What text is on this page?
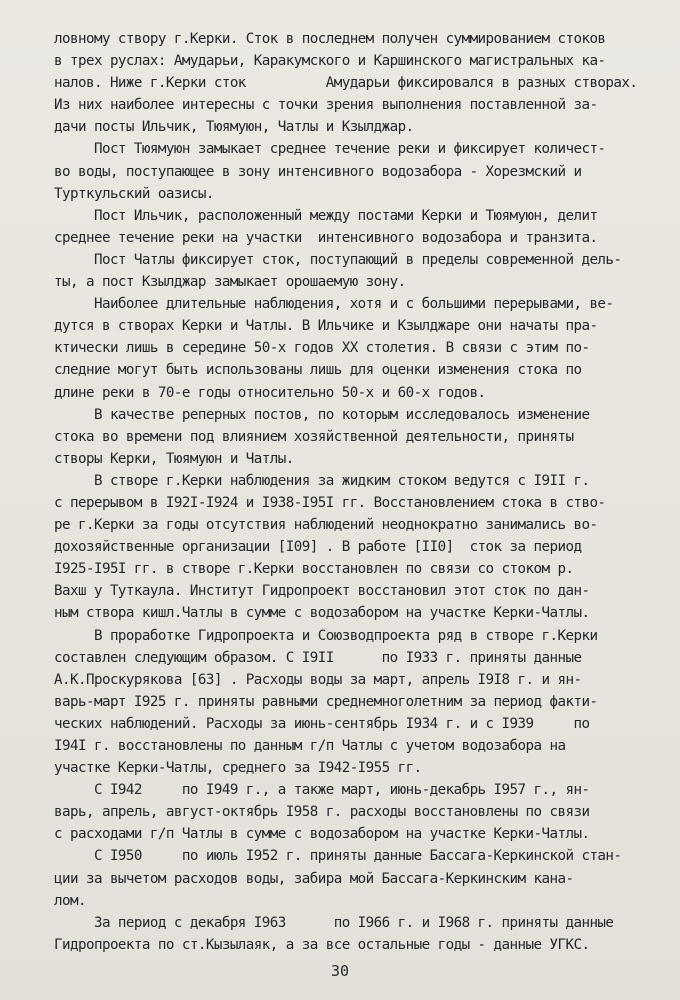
ловному створу г.Керки. Сток в последнем получен суммированием стоков
в трех руслах: Амударьи, Каракумского и Каршинского магистральных ка-
налов. Ниже г.Керки сток          Амударьи фиксировался в разных створах.
Из них наиболее интересны с точки зрения выполнения поставленной за-
дачи посты Ильчик, Тюямуюн, Чатлы и Кзылджар.
Пост Тюямуюн замыкает среднее течение реки и фиксирует количест-
во воды, поступающее в зону интенсивного водозабора - Хорезмский и
Турткульский оазисы.
Пост Ильчик, расположенный между постами Керки и Тюямуюн, делит
среднее течение реки на участки  интенсивного водозабора и транзита.
Пост Чатлы фиксирует сток, поступающий в пределы современной дель-
ты, а пост Кзылджар замыкает орошаемую зону.
Наиболее длительные наблюдения, хотя и с большими перерывами, ве-
дутся в створах Керки и Чатлы. В Ильчике и Кзылджаре они начаты пра-
ктически лишь в середине 50-х годов XX столетия. В связи с этим по-
следние могут быть использованы лишь для оценки изменения стока по
длине реки в 70-е годы относительно 50-х и 60-х годов.
В качестве реперных постов, по которым исследовалось изменение
стока во времени под влиянием хозяйственной деятельности, приняты
створы Керки, Тюямуюн и Чатлы.
В створе г.Керки наблюдения за жидким стоком ведутся с I9II г.
с перерывом в I92I-I924 и I938-I95I гг. Восстановлением стока в ство-
ре г.Керки за годы отсутствия наблюдений неоднократно занимались во-
дохозяйственные организации [I09] . В работе [II0]  сток за период
I925-I95I гг. в створе г.Керки восстановлен по связи со стоком р.
Вахш у Туткаула. Институт Гидропроект восстановил этот сток по дан-
ным створа кишл.Чатлы в сумме с водозабором на участке Керки-Чатлы.
В проработке Гидропроекта и Союзводпроекта ряд в створе г.Керки
составлен следующим образом. С I9II      по I933 г. приняты данные
А.К.Проскурякова [63] . Расходы воды за март, апрель I9I8 г. и ян-
варь-март I925 г. приняты равными среднемноголетним за период факти-
ческих наблюдений. Расходы за июнь-сентябрь I934 г. и с I939     по
I94I г. восстановлены по данным г/п Чатлы с учетом водозабора на
участке Керки-Чатлы, среднего за I942-I955 гг.
С I942     по I949 г., а также март, июнь-декабрь I957 г., ян-
варь, апрель, август-октябрь I958 г. расходы восстановлены по связи
с расходами г/п Чатлы в сумме с водозабором на участке Керки-Чатлы.
С I950     по июль I952 г. приняты данные Бассага-Керкинской стан-
ции за вычетом расходов воды, забира мой Бассага-Керкинским кана-
лом.
За период с декабря I963      по I966 г. и I968 г. приняты данные
Гидропроекта по ст.Кызылаяк, а за все остальные годы - данные УГКС.
30
